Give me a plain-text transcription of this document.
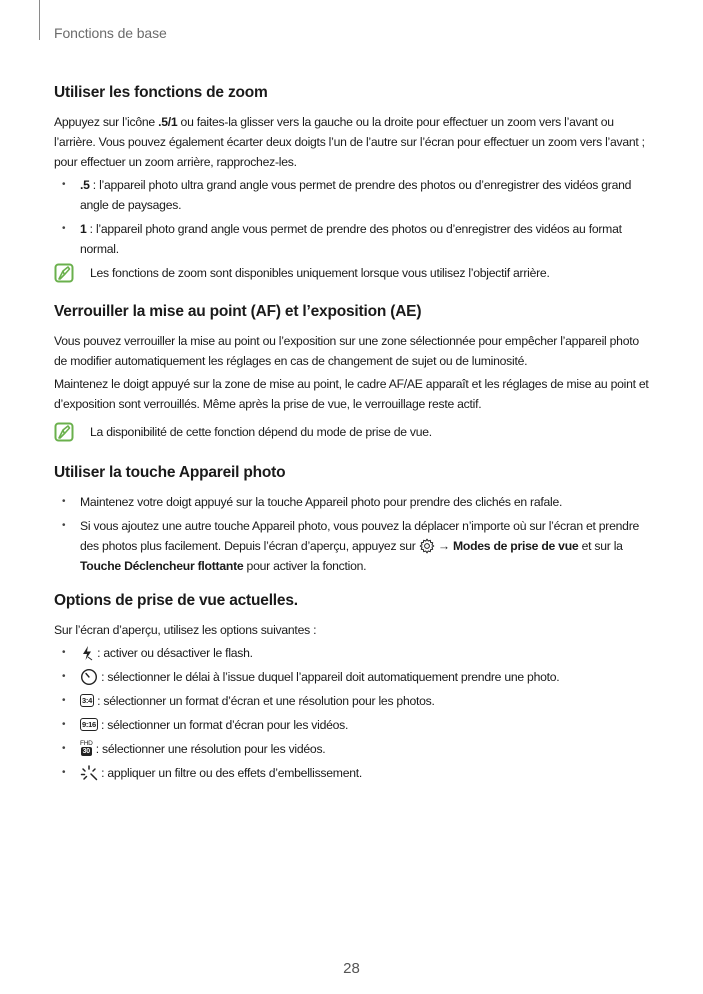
Fonctions de base
Utiliser les fonctions de zoom

Appuyez sur l’icône .5/1 ou faites-la glisser vers la gauche ou la droite pour effectuer un zoom vers l’avant ou l’arrière. Vous pouvez également écarter deux doigts l’un de l’autre sur l’écran pour effectuer un zoom vers l’avant ; pour effectuer un zoom arrière, rapprochez-les.

• .5 : l’appareil photo ultra grand angle vous permet de prendre des photos ou d’enregistrer des vidéos grand angle de paysages.
• 1 : l’appareil photo grand angle vous permet de prendre des photos ou d’enregistrer des vidéos au format normal.
Les fonctions de zoom sont disponibles uniquement lorsque vous utilisez l’objectif arrière.
Verrouiller la mise au point (AF) et l’exposition (AE)

Vous pouvez verrouiller la mise au point ou l’exposition sur une zone sélectionnée pour empêcher l’appareil photo de modifier automatiquement les réglages en cas de changement de sujet ou de luminosité.

Maintenez le doigt appuyé sur la zone de mise au point, le cadre AF/AE apparaît et les réglages de mise au point et d’exposition sont verrouillés. Même après la prise de vue, le verrouillage reste actif.

La disponibilité de cette fonction dépend du mode de prise de vue.
Utiliser la touche Appareil photo
• Maintenez votre doigt appuyé sur la touche Appareil photo pour prendre des clichés en rafale.
• Si vous ajoutez une autre touche Appareil photo, vous pouvez la déplacer n’importe où sur l’écran et prendre des photos plus facilement. Depuis l’écran d’aperçu, appuyez sur  → Modes de prise de vue et sur la Touche Déclencheur flottante pour activer la fonction.
Options de prise de vue actuelles.

Sur l’écran d’aperçu, utilisez les options suivantes :

• : activer ou désactiver le flash.
•	: sélectionner le délai à l’issue duquel l’appareil doit automatiquement prendre une photo.
• 3:4 : sélectionner un format d’écran et une résolution pour les photos.
• 9:16 : sélectionner un format d’écran pour les vidéos.
• FHD
30 : sélectionner une résolution pour les vidéos.
•	: appliquer un filtre ou des effets d’embellissement.
28
